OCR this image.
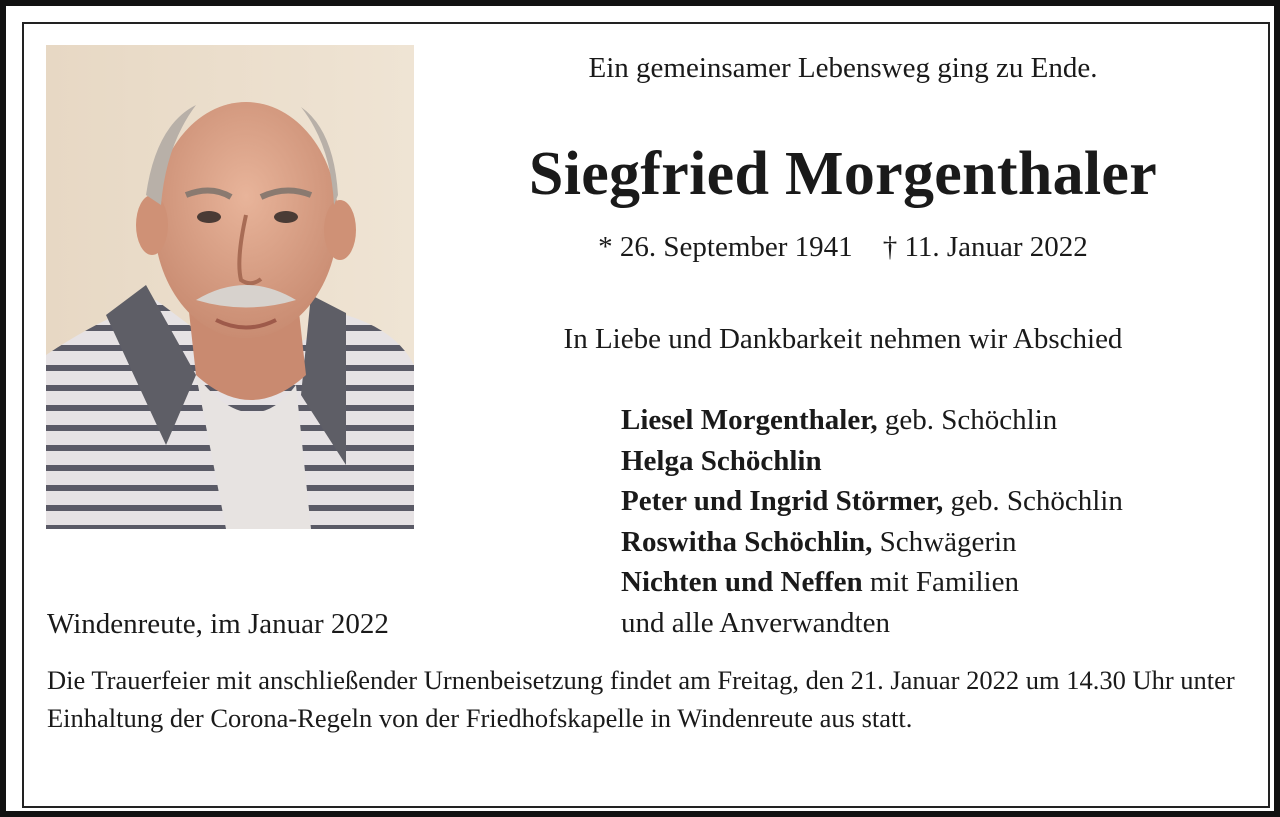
Ein gemeinsamer Lebensweg ging zu Ende.
Siegfried Morgenthaler
* 26. September 1941 † 11. Januar 2022
In Liebe und Dankbarkeit nehmen wir Abschied
Liesel Morgenthaler, geb. Schöchlin
Helga Schöchlin
Peter und Ingrid Störmer, geb. Schöchlin
Roswitha Schöchlin, Schwägerin
Nichten und Neffen mit Familien
und alle Anverwandten
Windenreute, im Januar 2022
Die Trauerfeier mit anschließender Urnenbeisetzung findet am Freitag, den 21. Januar 2022 um 14.30 Uhr unter Einhaltung der Corona-Regeln von der Friedhofskapelle in Windenreute aus statt.
